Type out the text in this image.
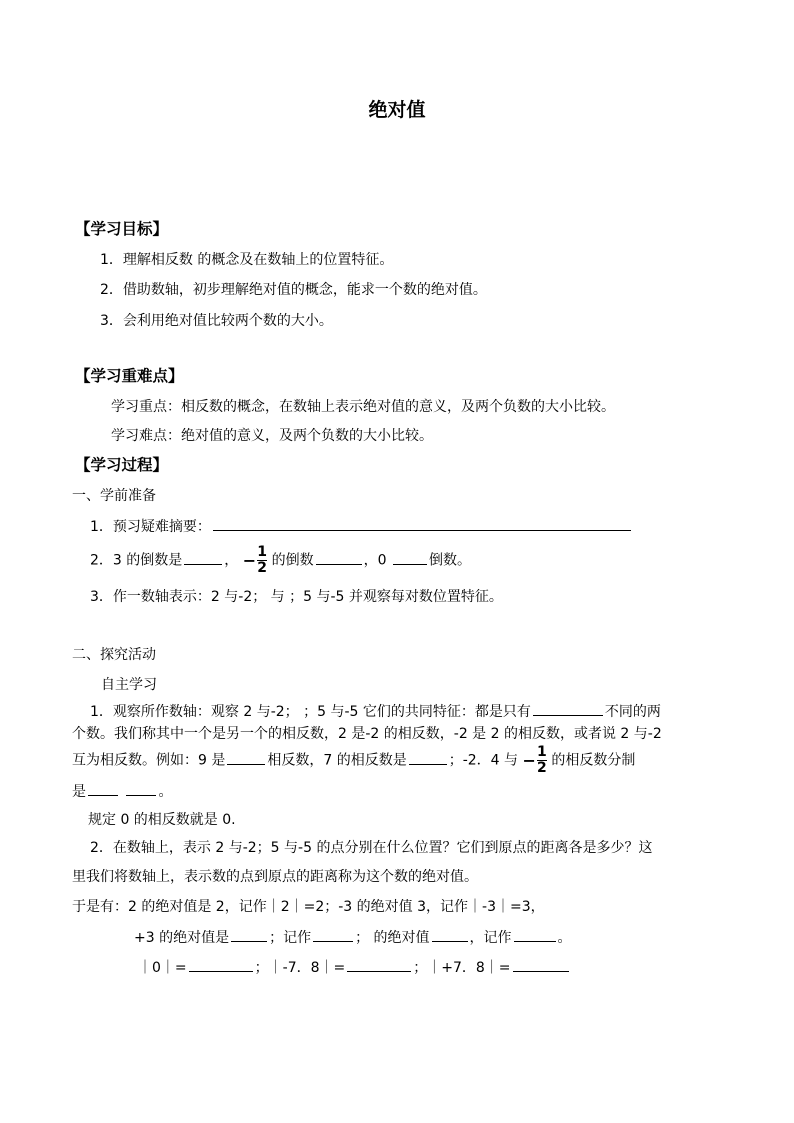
绝对值
【学习目标】
1．理解相反数 的概念及在数轴上的位置特征。
2．借助数轴，初步理解绝对值的概念，能求一个数的绝对值。
3．会利用绝对值比较两个数的大小。
【学习重难点】
学习重点：相反数的概念，在数轴上表示绝对值的意义，及两个负数的大小比较。
学习难点：绝对值的意义，及两个负数的大小比较。
【学习过程】
一、学前准备
1．预习疑难摘要：
2．3 的倒数是	， − 1
2 的倒数	，0	倒数。
3．作一数轴表示：2 与-2； 与 ；5 与-5 并观察每对数位置特征。
二、探究活动
自主学习
1．观察所作数轴：观察 2 与-2； ；5 与-5 它们的共同特征：都是只有	不同的两
个数。我们称其中一个是另一个的相反数，2 是-2 的相反数，-2 是 2 的相反数，或者说 2 与-2
互为相反数。例如：9 是	相反数，7 的相反数是	；-2．4 与 − 1
2 的相反数分制
是	。
规定 0 的相反数就是 0.
2．在数轴上，表示 2 与-2；5 与-5 的点分别在什么位置？它们到原点的距离各是多少？这
里我们将数轴上，表示数的点到原点的距离称为这个数的绝对值。
于是有：2 的绝对值是 2，记作｜2｜=2；-3 的绝对值 3，记作｜-3｜=3，
+3 的绝对值是	；记作	； 的绝对值	，记作	。
｜0｜=	；｜-7．8｜=	；｜+7．8｜=
